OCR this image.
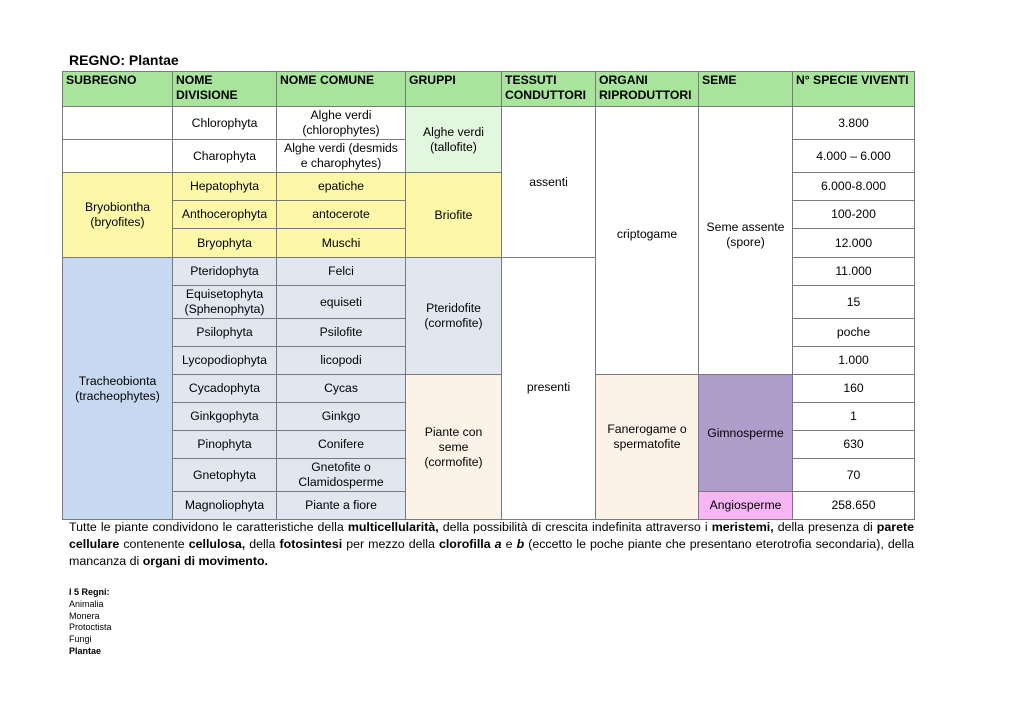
REGNO: Plantae
SUBREGNO	NOME DIVISIONE	NOME COMUNE	GRUPPI	TESSUTI CONDUTTORI	ORGANI RIPRODUTTORI	SEME	N° SPECIE VIVENTI
	Chlorophyta	Alghe verdi (chlorophytes)	Alghe verdi (tallofite)	assenti	criptogame	Seme assente (spore)	3.800
	Charophyta	Alghe verdi (desmids e charophytes)					4.000 – 6.000
Bryobiontha (bryofites)	Hepatophyta	epatiche	Briofite				6.000-8.000
	Anthocerophyta	antocerote					100-200
	Bryophyta	Muschi					12.000
Tracheobionta (tracheophytes)	Pteridophyta	Felci	Pteridofite (cormofite)	presenti			11.000
	Equisetophyta (Sphenophyta)	equiseti					15
	Psilophyta	Psilofite					poche
	Lycopodiophyta	licopodi					1.000
	Cycadophyta	Cycas	Piante con seme (cormofite)		Fanerogame o spermatofite	Gimnosperme	160
	Ginkgophyta	Ginkgo					1
	Pinophyta	Conifere					630
	Gnetophyta	Gnetofite o Clamidosperme					70
	Magnoliophyta	Piante a fiore				Angiosperme	258.650
Tutte le piante condividono le caratteristiche della multicellularità, della possibilità di crescita indefinita attraverso i meristemi, della presenza di parete cellulare contenente cellulosa, della fotosintesi per mezzo della clorofilla a e b (eccetto le poche piante che presentano eterotrofia secondaria), della mancanza di organi di movimento.
I 5 Regni:
Animalia
Monera
Protoctista
Fungi
Plantae
